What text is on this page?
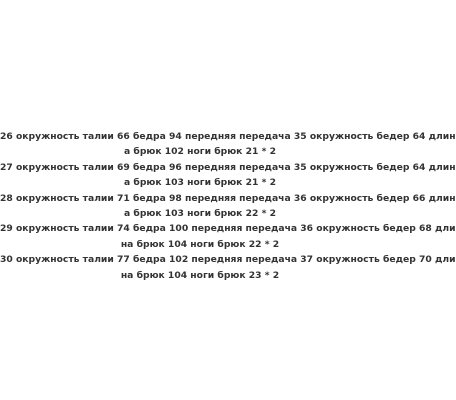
26 окружность талии 66 бедра 94 передняя передача 35 окружность бедер 64 длин
а брюк 102 ноги брюк 21 * 2
27 окружность талии 69 бедра 96 передняя передача 35 окружность бедер 64 длин
а брюк 103 ноги брюк 21 * 2
28 окружность талии 71 бедра 98 передняя передача 36 окружность бедер 66 длин
а брюк 103 ноги брюк 22 * 2
29 окружность талии 74 бедра 100 передняя передача 36 окружность бедер 68 дли
на брюк 104 ноги брюк 22 * 2
30 окружность талии 77 бедра 102 передняя передача 37 окружность бедер 70 дли
на брюк 104 ноги брюк 23 * 2
